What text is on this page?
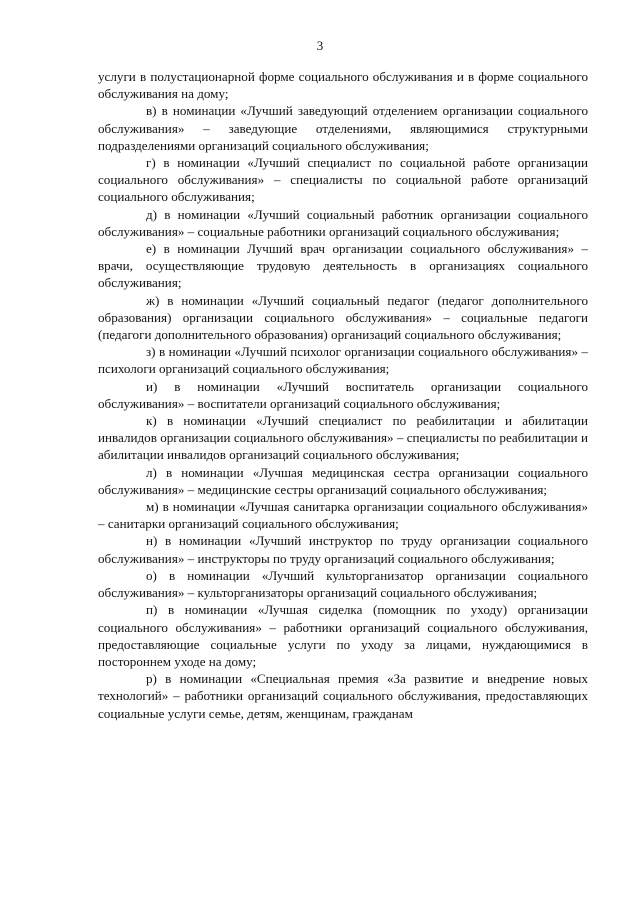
3

услуги в полустационарной форме социального обслуживания и в форме социального обслуживания на дому;

в) в номинации «Лучший заведующий отделением организации социального обслуживания» – заведующие отделениями, являющимися структурными подразделениями организаций социального обслуживания;

г) в номинации «Лучший специалист по социальной работе организации социального обслуживания» – специалисты по социальной работе организаций социального обслуживания;

д) в номинации «Лучший социальный работник организации социального обслуживания» – социальные работники организаций социального обслуживания;

е) в номинации Лучший врач организации социального обслуживания» – врачи, осуществляющие трудовую деятельность в организациях социального обслуживания;

ж) в номинации «Лучший социальный педагог (педагог дополнительного образования) организации социального обслуживания» – социальные педагоги (педагоги дополнительного образования) организаций социального обслуживания;

з) в номинации «Лучший психолог организации социального обслуживания» – психологи организаций социального обслуживания;

и) в номинации «Лучший воспитатель организации социального обслуживания» – воспитатели организаций социального обслуживания;

к) в номинации «Лучший специалист по реабилитации и абилитации инвалидов организации социального обслуживания» – специалисты по реабилитации и абилитации инвалидов организаций социального обслуживания;

л) в номинации «Лучшая медицинская сестра организации социального обслуживания» – медицинские сестры организаций социального обслуживания;

м) в номинации «Лучшая санитарка организации социального обслуживания» – санитарки организаций социального обслуживания;

н) в номинации «Лучший инструктор по труду организации социального обслуживания» – инструкторы по труду организаций социального обслуживания;

о) в номинации «Лучший культорганизатор организации социального обслуживания» – культорганизаторы организаций социального обслуживания;

п) в номинации «Лучшая сиделка (помощник по уходу) организации социального обслуживания» – работники организаций социального обслуживания, предоставляющие социальные услуги по уходу за лицами, нуждающимися в постороннем уходе на дому;

р) в номинации «Специальная премия «За развитие и внедрение новых технологий» – работники организаций социального обслуживания, предоставляющих социальные услуги семье, детям, женщинам, гражданам
